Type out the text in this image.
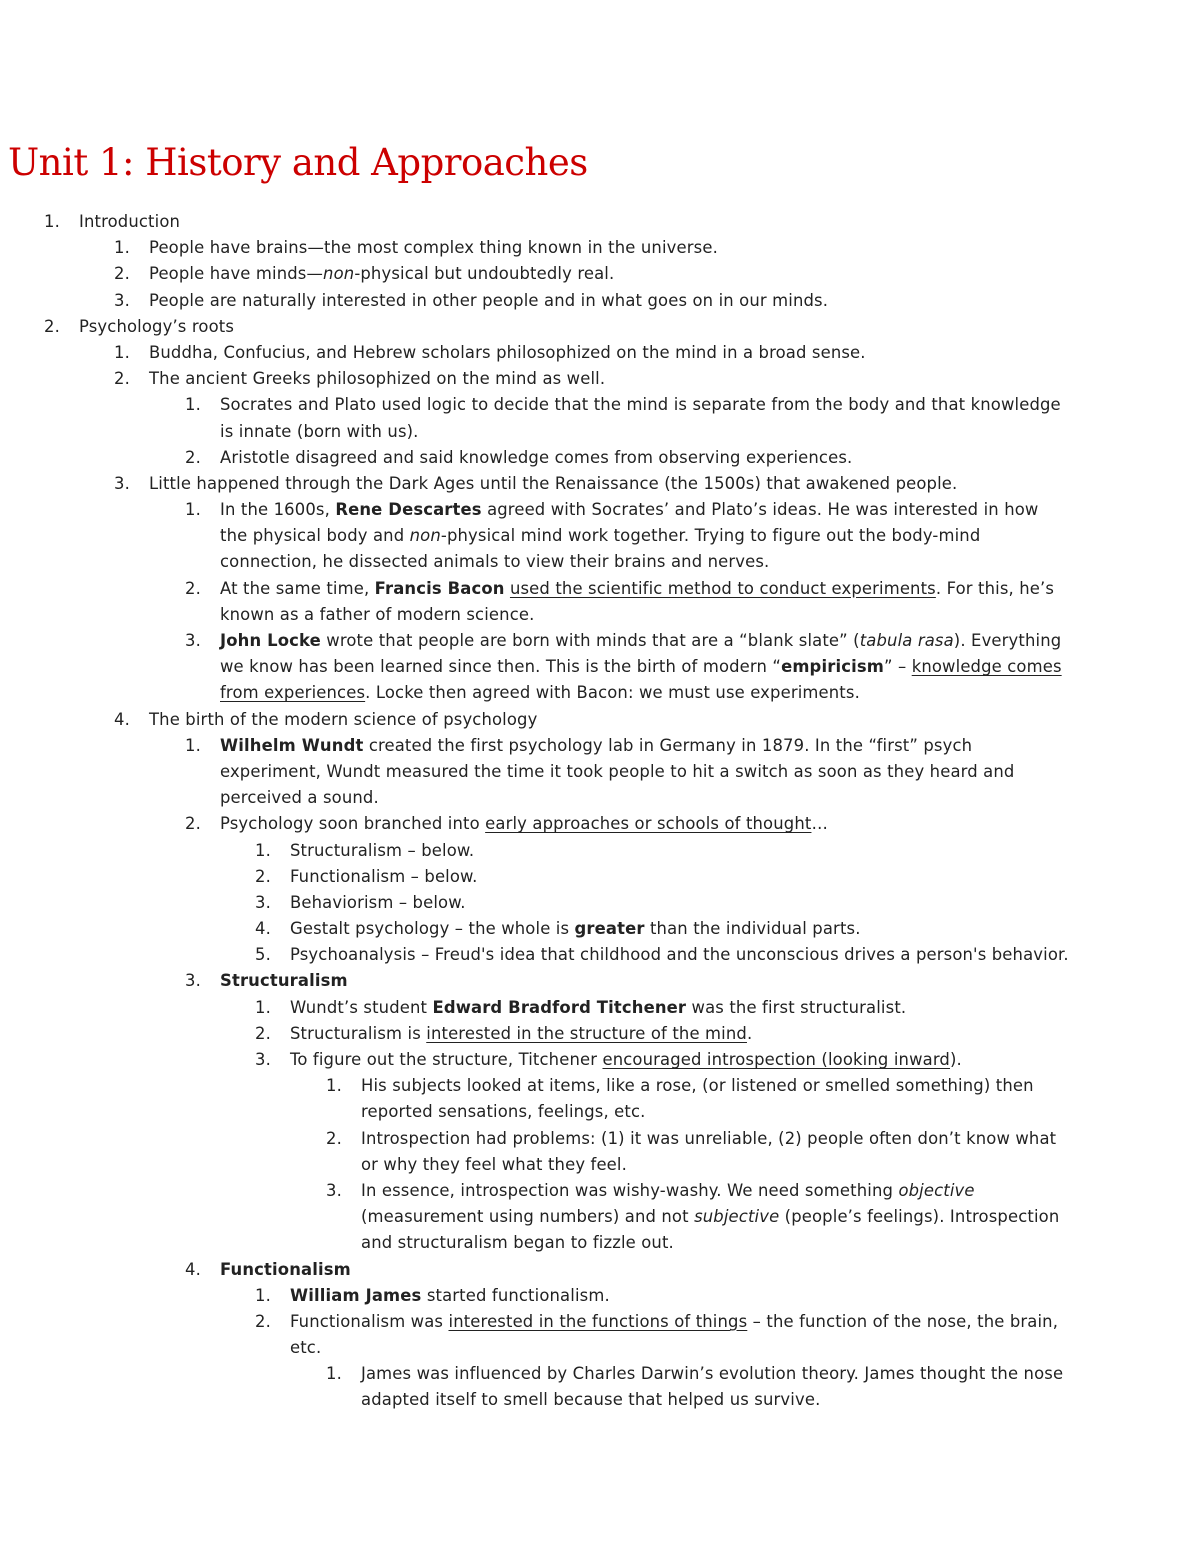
Unit 1: History and Approaches
1. Introduction
1. People have brains—the most complex thing known in the universe.
2. People have minds—non-physical but undoubtedly real.
3. People are naturally interested in other people and in what goes on in our minds.
2. Psychology’s roots
1. Buddha, Confucius, and Hebrew scholars philosophized on the mind in a broad sense.
2. The ancient Greeks philosophized on the mind as well.
1. Socrates and Plato used logic to decide that the mind is separate from the body and that knowledge
is innate (born with us).
2. Aristotle disagreed and said knowledge comes from observing experiences.
3. Little happened through the Dark Ages until the Renaissance (the 1500s) that awakened people.
1. In the 1600s, Rene Descartes agreed with Socrates’ and Plato’s ideas. He was interested in how
the physical body and non-physical mind work together. Trying to figure out the body-mind
connection, he dissected animals to view their brains and nerves.
2. At the same time, Francis Bacon used the scientific method to conduct experiments. For this, he’s
known as a father of modern science.
3. John Locke wrote that people are born with minds that are a “blank slate” (tabula rasa). Everything
we know has been learned since then. This is the birth of modern “empiricism” – knowledge comes
from experiences. Locke then agreed with Bacon: we must use experiments.
4. The birth of the modern science of psychology
1. Wilhelm Wundt created the first psychology lab in Germany in 1879. In the “first” psych
experiment, Wundt measured the time it took people to hit a switch as soon as they heard and
perceived a sound.
2. Psychology soon branched into early approaches or schools of thought…
1. Structuralism – below.
2. Functionalism – below.
3. Behaviorism – below.
4. Gestalt psychology – the whole is greater than the individual parts.
5. Psychoanalysis – Freud's idea that childhood and the unconscious drives a person's behavior.
3. Structuralism
1. Wundt’s student Edward Bradford Titchener was the first structuralist.
2. Structuralism is interested in the structure of the mind.
3. To figure out the structure, Titchener encouraged introspection (looking inward).
1. His subjects looked at items, like a rose, (or listened or smelled something) then
reported sensations, feelings, etc.
2. Introspection had problems: (1) it was unreliable, (2) people often don’t know what
or why they feel what they feel.
3. In essence, introspection was wishy-washy. We need something objective
(measurement using numbers) and not subjective (people’s feelings). Introspection
and structuralism began to fizzle out.
4. Functionalism
1. William James started functionalism.
2. Functionalism was interested in the functions of things – the function of the nose, the brain,
etc.
1. James was influenced by Charles Darwin’s evolution theory. James thought the nose
adapted itself to smell because that helped us survive.
